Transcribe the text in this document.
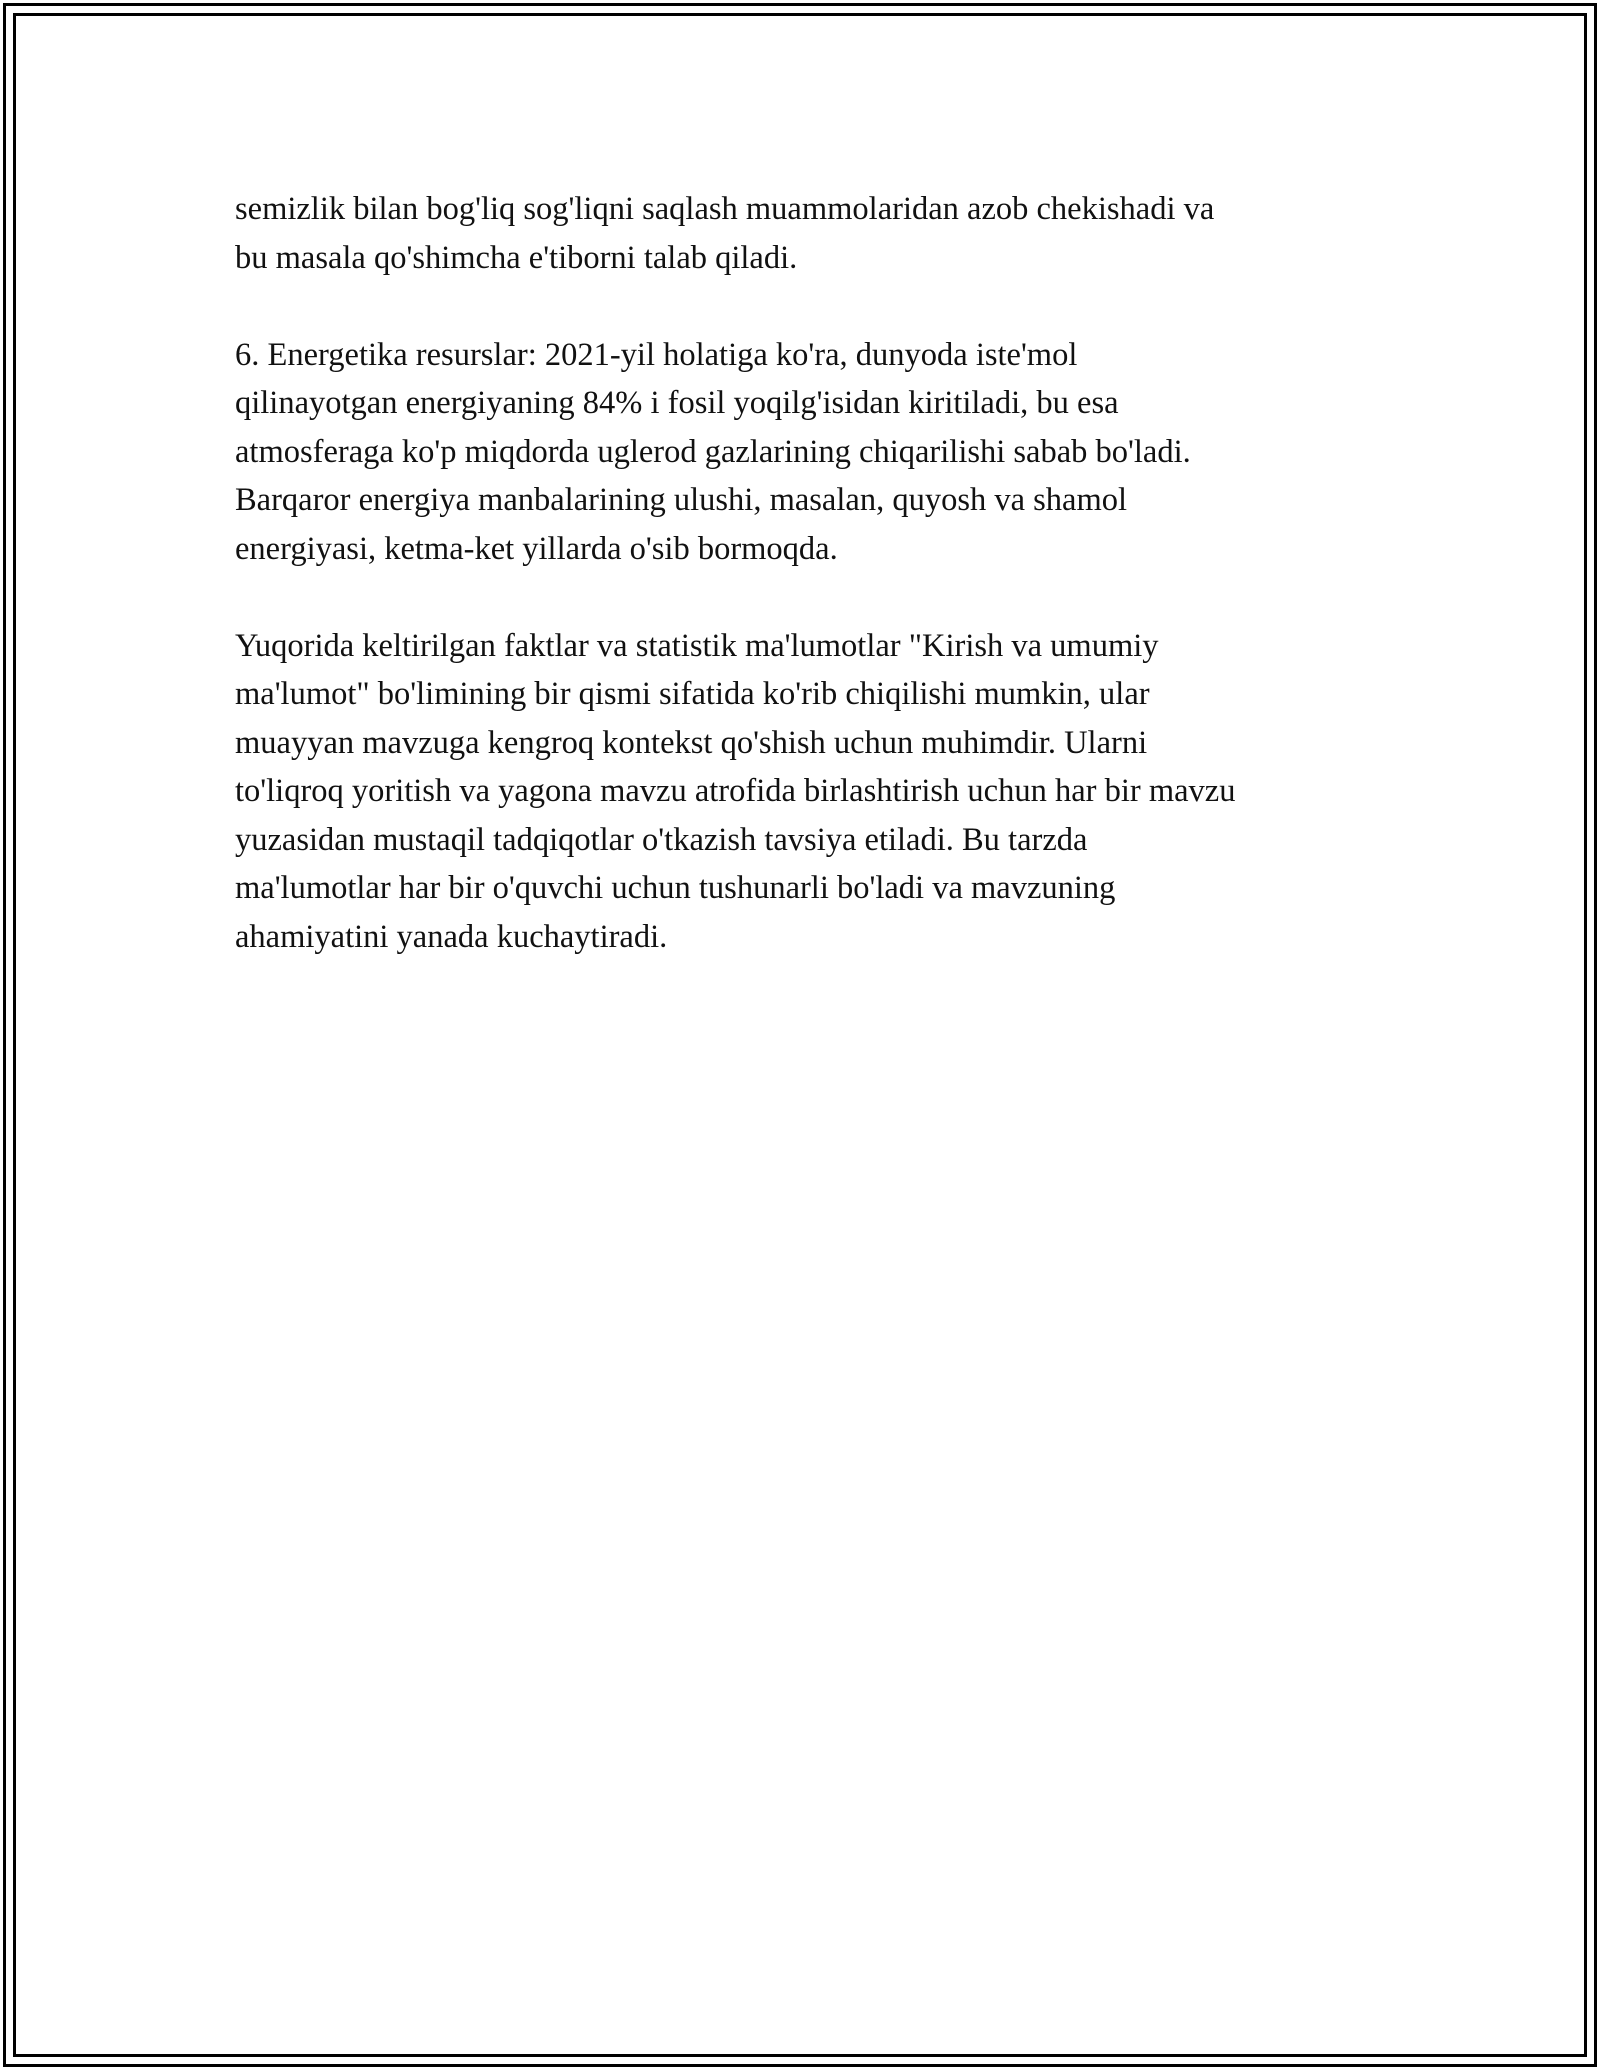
semizlik bilan bog'liq sog'liqni saqlash muammolaridan azob chekishadi va
bu masala qo'shimcha e'tiborni talab qiladi.

6. Energetika resurslar: 2021-yil holatiga ko'ra, dunyoda iste'mol
qilinayotgan energiyaning 84% i fosil yoqilg'isidan kiritiladi, bu esa
atmosferaga ko'p miqdorda uglerod gazlarining chiqarilishi sabab bo'ladi.
Barqaror energiya manbalarining ulushi, masalan, quyosh va shamol
energiyasi, ketma-ket yillarda o'sib bormoqda.

Yuqorida keltirilgan faktlar va statistik ma'lumotlar "Kirish va umumiy
ma'lumot" bo'limining bir qismi sifatida ko'rib chiqilishi mumkin, ular
muayyan mavzuga kengroq kontekst qo'shish uchun muhimdir. Ularni
to'liqroq yoritish va yagona mavzu atrofida birlashtirish uchun har bir mavzu
yuzasidan mustaqil tadqiqotlar o'tkazish tavsiya etiladi. Bu tarzda
ma'lumotlar har bir o'quvchi uchun tushunarli bo'ladi va mavzuning
ahamiyatini yanada kuchaytiradi.
